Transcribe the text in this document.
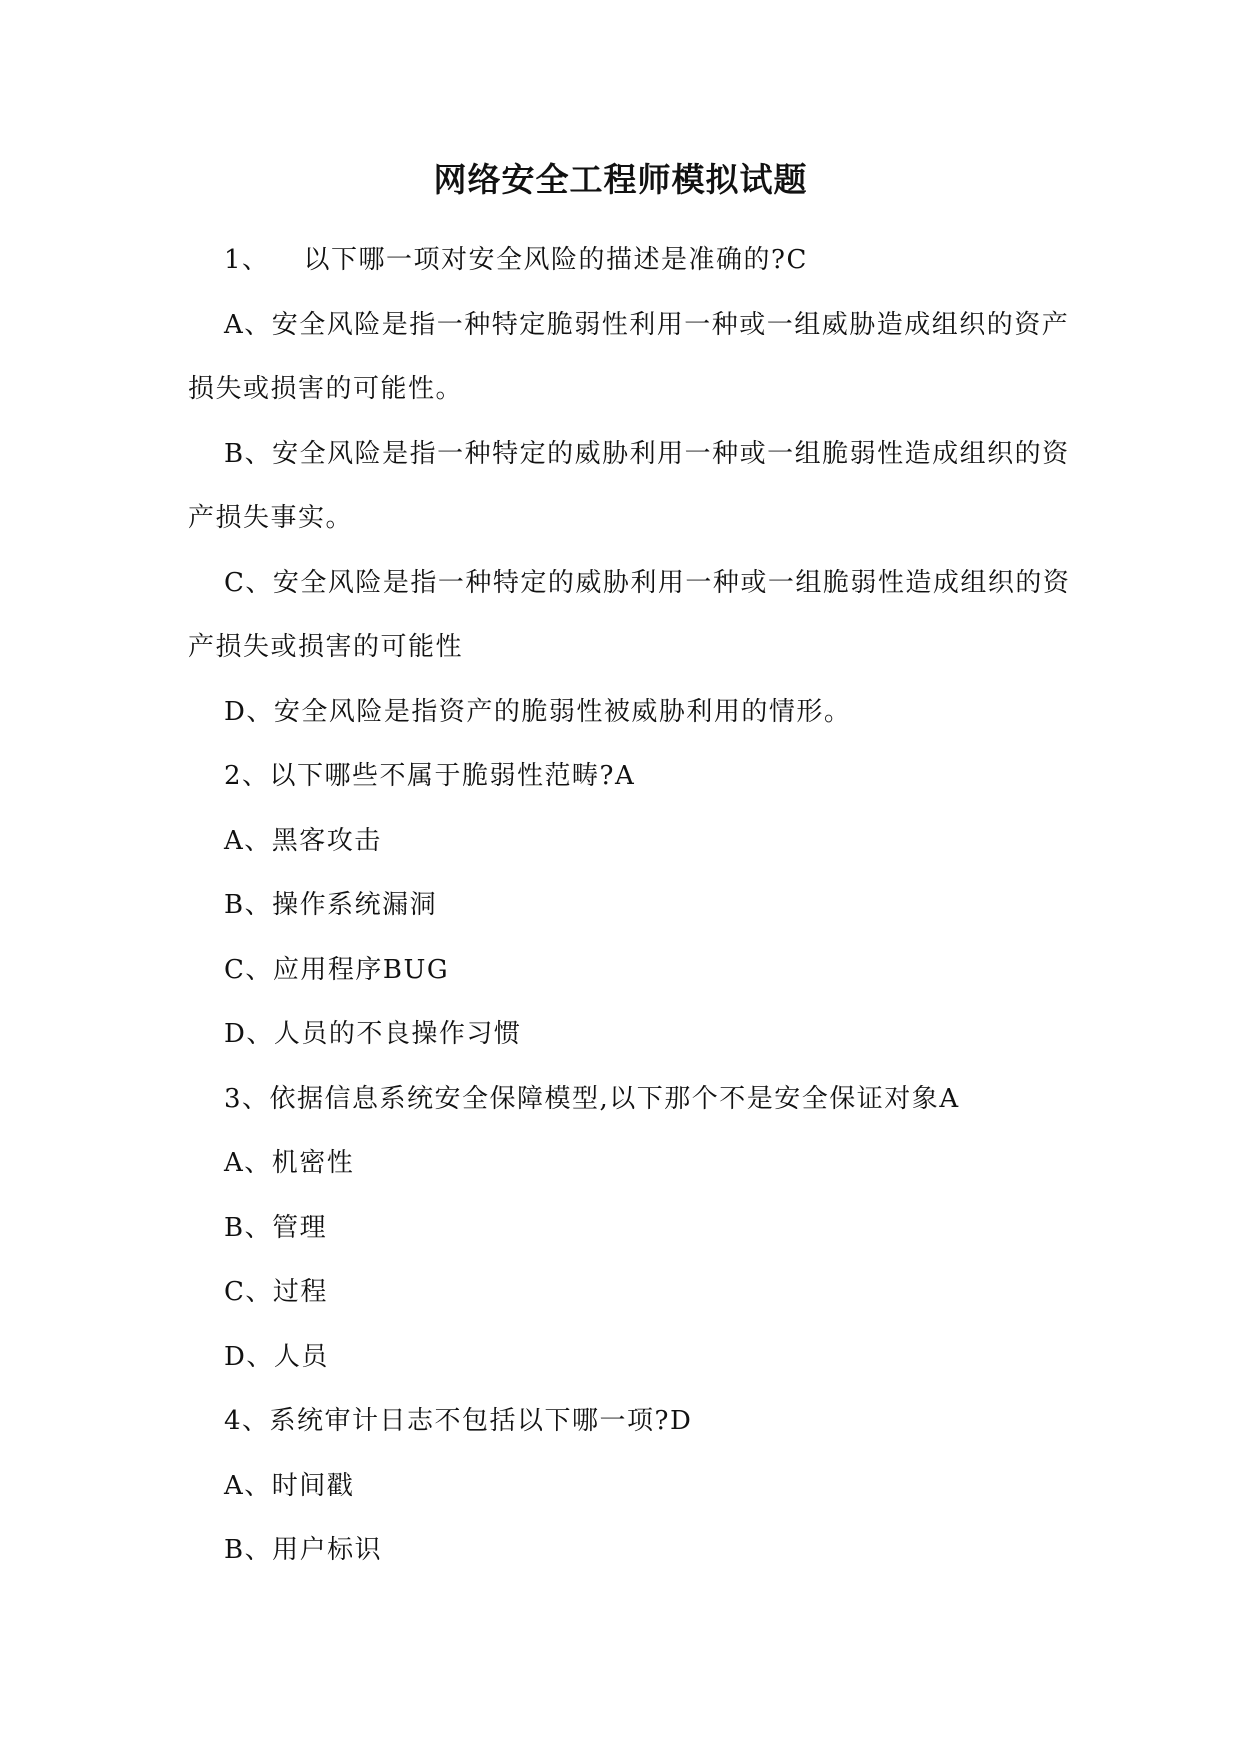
网络安全工程师模拟试题

1、 以下哪一项对安全风险的描述是准确的?C

A、安全风险是指一种特定脆弱性利用一种或一组威胁造成组织的资产损失或损害的可能性。

B、安全风险是指一种特定的威胁利用一种或一组脆弱性造成组织的资产损失事实。

C、安全风险是指一种特定的威胁利用一种或一组脆弱性造成组织的资产损失或损害的可能性

D、安全风险是指资产的脆弱性被威胁利用的情形。

2、以下哪些不属于脆弱性范畴?A

A、黑客攻击

B、操作系统漏洞

C、应用程序BUG

D、人员的不良操作习惯

3、依据信息系统安全保障模型,以下那个不是安全保证对象A

A、机密性

B、管理

C、过程

D、人员

4、系统审计日志不包括以下哪一项?D

A、时间戳

B、用户标识
